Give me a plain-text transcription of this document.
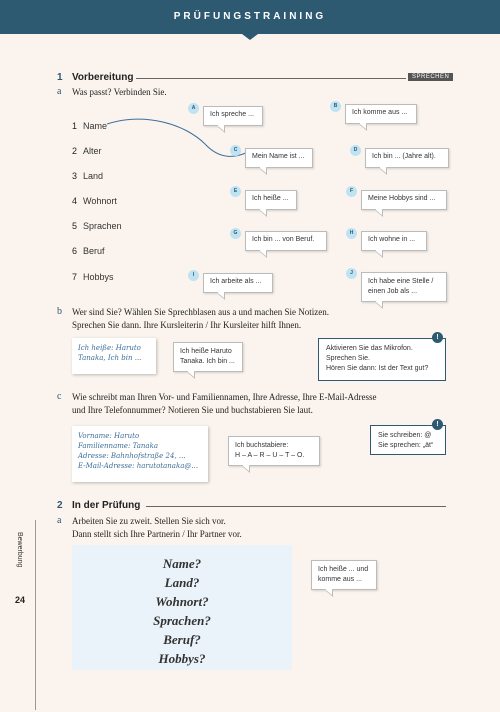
PRÜFUNGSTRAINING
Bewerbung
24
1 Vorbereitung	SPRECHEN
a Was passt? Verbinden Sie.
1 Name
2 Alter
3 Land
4 Wohnort
5 Sprachen
6 Beruf
7 Hobbys
A
Ich spreche ...
C
Mein Name ist ...
E
Ich heiße ...
G
Ich bin ... von Beruf.
I
Ich arbeite als ...
B
Ich komme aus ...
D
Ich bin ... (Jahre alt).
F
Meine Hobbys sind ...
H
Ich wohne in ...
J
Ich habe eine Stelle / einen Job als ...
b Wer sind Sie? Wählen Sie Sprechblasen aus a und machen Sie Notizen.
Sprechen Sie dann. Ihre Kursleiterin / Ihr Kursleiter hilft Ihnen.
Ich heiße: Haruto
Tanaka, Ich bin ...
Ich heiße Haruto Tanaka. Ich bin ...
Aktivieren Sie das Mikrofon.
Sprechen Sie.
Hören Sie dann: Ist der Text gut?
!
c Wie schreibt man Ihren Vor- und Familiennamen, Ihre Adresse, Ihre E-Mail-Adresse
und Ihre Telefonnummer? Notieren Sie und buchstabieren Sie laut.
Vorname: Haruto
Familienname: Tanaka
Adresse: Bahnhofstraße 24, ...
E-Mail-Adresse: harutotanaka@...
Ich buchstabiere:
H – A – R – U – T – O.
Sie schreiben: @
Sie sprechen: „ät“
!
2 In der Prüfung
a Arbeiten Sie zu zweit. Stellen Sie sich vor.
Dann stellt sich Ihre Partnerin / Ihr Partner vor.
Name?
Land?
Wohnort?
Sprachen?
Beruf?
Hobbys?
Ich heiße ... und komme aus ...
